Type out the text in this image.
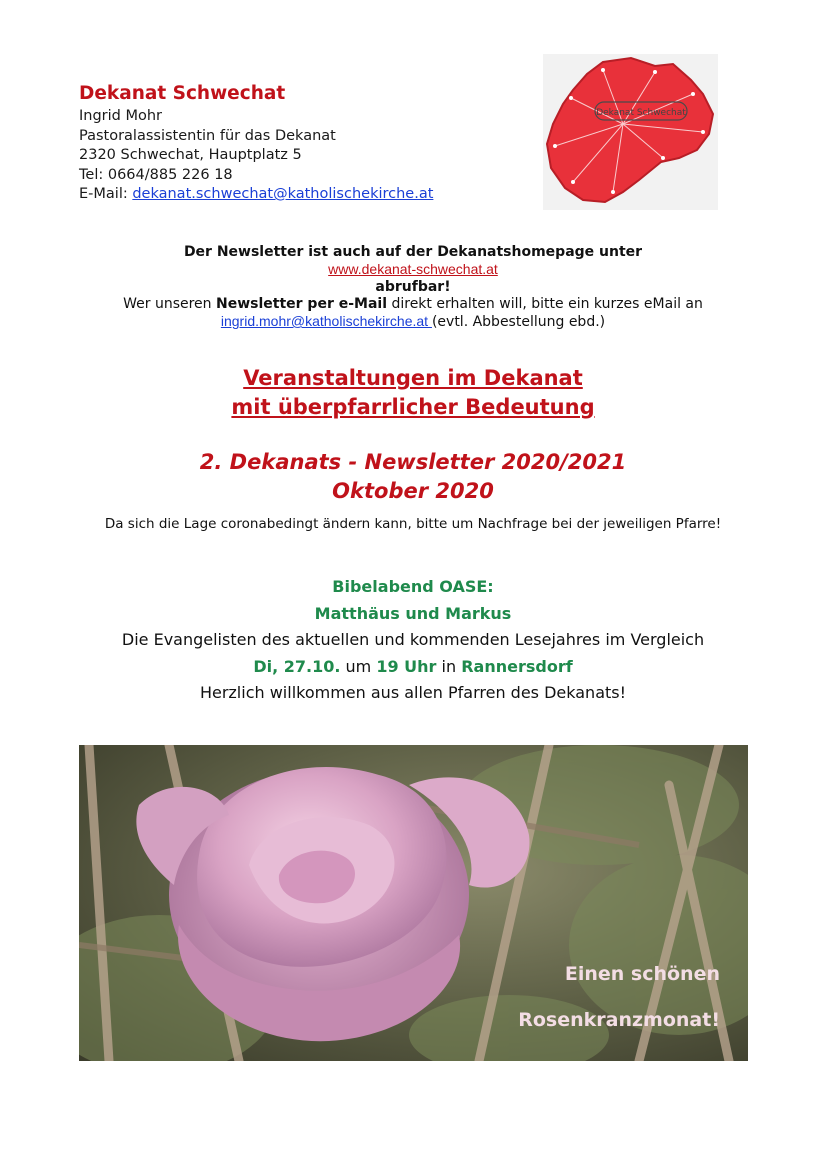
Dekanat Schwechat
Ingrid Mohr
Pastoralassistentin für das Dekanat
2320 Schwechat, Hauptplatz 5
Tel: 0664/885 226 18
E-Mail: dekanat.schwechat@katholischekirche.at
Dekanat Schwechat
Der Newsletter ist auch auf der Dekanatshomepage unter
www.dekanat-schwechat.at
abrufbar!
Wer unseren Newsletter per e-Mail direkt erhalten will, bitte ein kurzes eMail an
ingrid.mohr@katholischekirche.at (evtl. Abbestellung ebd.)
Veranstaltungen im Dekanat
mit überpfarrlicher Bedeutung
2. Dekanats - Newsletter 2020/2021
Oktober 2020
Da sich die Lage coronabedingt ändern kann, bitte um Nachfrage bei der jeweiligen Pfarre!
Bibelabend OASE:
Matthäus und Markus
Die Evangelisten des aktuellen und kommenden Lesejahres im Vergleich
Di, 27.10. um 19 Uhr in Rannersdorf
Herzlich willkommen aus allen Pfarren des Dekanats!
Einen schönen
Rosenkranzmonat!
